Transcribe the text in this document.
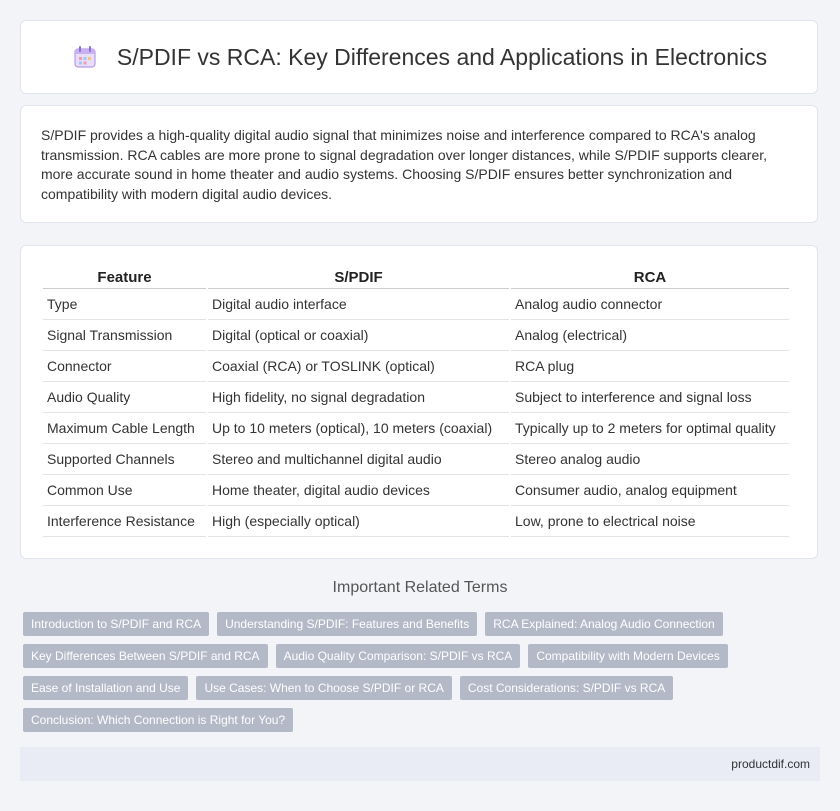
S/PDIF vs RCA: Key Differences and Applications in Electronics

S/PDIF provides a high-quality digital audio signal that minimizes noise and interference compared to RCA's analog transmission. RCA cables are more prone to signal degradation over longer distances, while S/PDIF supports clearer, more accurate sound in home theater and audio systems. Choosing S/PDIF ensures better synchronization and compatibility with modern digital audio devices.

Feature	S/PDIF	RCA
Type	Digital audio interface	Analog audio connector
Signal Transmission	Digital (optical or coaxial)	Analog (electrical)
Connector	Coaxial (RCA) or TOSLINK (optical)	RCA plug
Audio Quality	High fidelity, no signal degradation	Subject to interference and signal loss
Maximum Cable Length	Up to 10 meters (optical), 10 meters (coaxial)	Typically up to 2 meters for optimal quality
Supported Channels	Stereo and multichannel digital audio	Stereo analog audio
Common Use	Home theater, digital audio devices	Consumer audio, analog equipment
Interference Resistance	High (especially optical)	Low, prone to electrical noise
Important Related Terms
Introduction to S/PDIF and RCA	Understanding S/PDIF: Features and Benefits	RCA Explained: Analog Audio Connection
Key Differences Between S/PDIF and RCA	Audio Quality Comparison: S/PDIF vs RCA	Compatibility with Modern Devices
Ease of Installation and Use	Use Cases: When to Choose S/PDIF or RCA	Cost Considerations: S/PDIF vs RCA
Conclusion: Which Connection is Right for You?
productdif.com
